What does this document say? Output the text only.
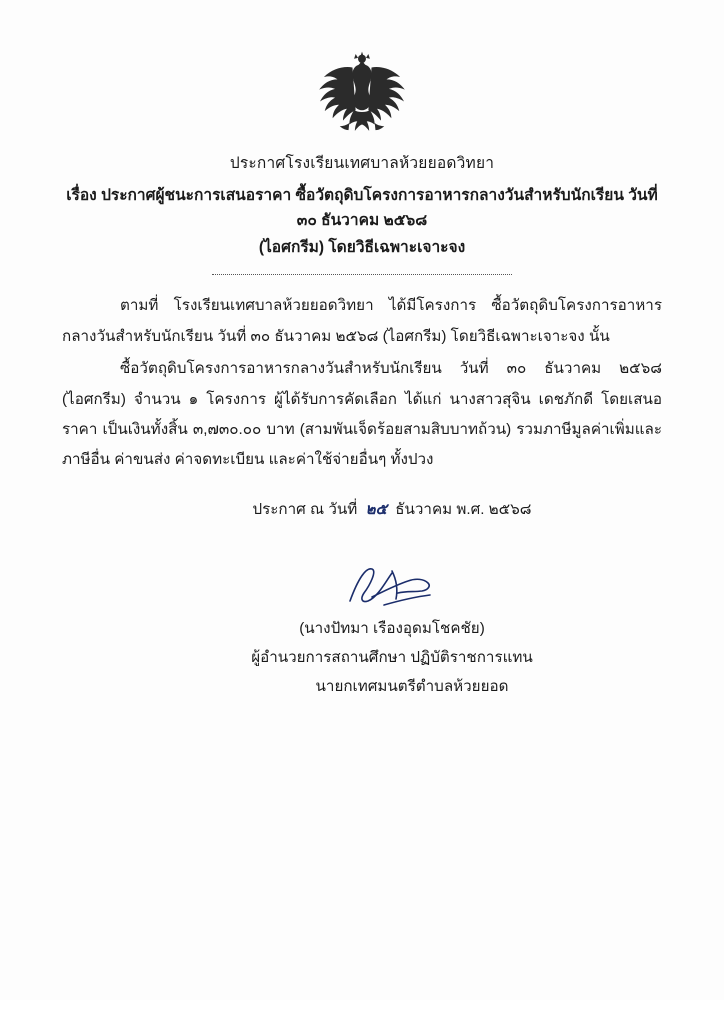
ประกาศโรงเรียนเทศบาลห้วยยอดวิทยา
เรื่อง ประกาศผู้ชนะการเสนอราคา ซื้อวัตถุดิบโครงการอาหารกลางวันสำหรับนักเรียน วันที่ ๓๐ ธันวาคม ๒๕๖๘
(ไอศกรีม) โดยวิธีเฉพาะเจาะจง

ตามที่ โรงเรียนเทศบาลห้วยยอดวิทยา ได้มีโครงการ ซื้อวัตถุดิบโครงการอาหารกลางวันสำหรับนักเรียน วันที่ ๓๐ ธันวาคม ๒๕๖๘ (ไอศกรีม) โดยวิธีเฉพาะเจาะจง นั้น

ซื้อวัตถุดิบโครงการอาหารกลางวันสำหรับนักเรียน วันที่ ๓๐ ธันวาคม ๒๕๖๘ (ไอศกรีม) จำนวน ๑ โครงการ ผู้ได้รับการคัดเลือก ได้แก่ นางสาวสุจิน เดชภักดี โดยเสนอราคา เป็นเงินทั้งสิ้น ๓,๗๓๐.๐๐ บาท (สามพันเจ็ดร้อยสามสิบบาทถ้วน) รวมภาษีมูลค่าเพิ่มและภาษีอื่น ค่าขนส่ง ค่าจดทะเบียน และค่าใช้จ่ายอื่นๆ ทั้งปวง

ประกาศ ณ วันที่ ๒๕ ธันวาคม พ.ศ. ๒๕๖๘
(นางปัทมา เรืองอุดมโชคชัย)
ผู้อำนวยการสถานศึกษา ปฏิบัติราชการแทน
นายกเทศมนตรีตำบลห้วยยอด
